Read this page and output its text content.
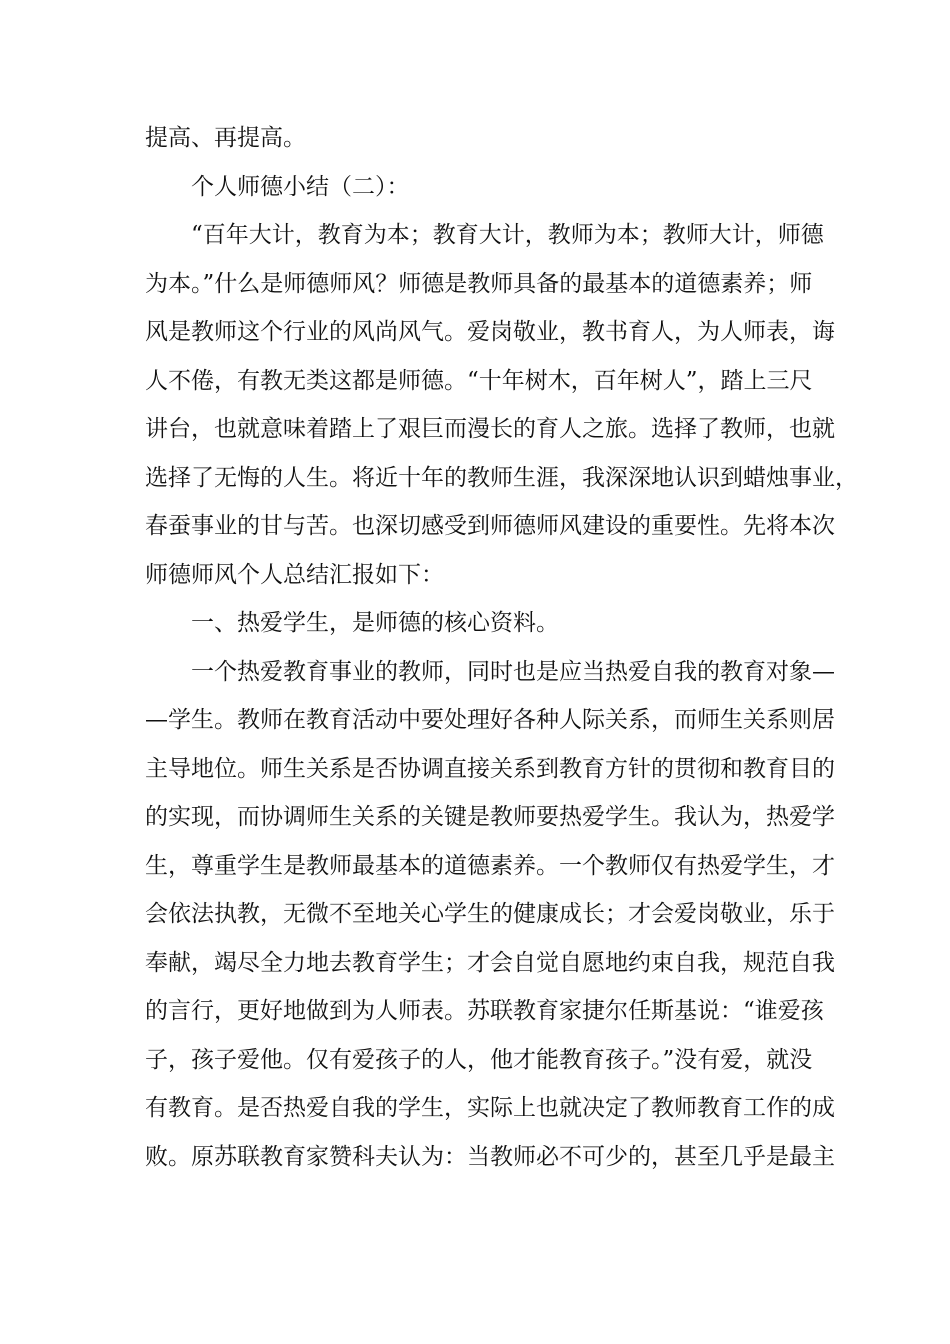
提高、再提高。
个人师德小结（二）：
“百年大计，教育为本；教育大计，教师为本；教师大计，师德
为本。”什么是师德师风？师德是教师具备的最基本的道德素养；师
风是教师这个行业的风尚风气。爱岗敬业，教书育人，为人师表，诲
人不倦，有教无类这都是师德。“十年树木，百年树人”，踏上三尺
讲台，也就意味着踏上了艰巨而漫长的育人之旅。选择了教师，也就
选择了无悔的人生。将近十年的教师生涯，我深深地认识到蜡烛事业，
春蚕事业的甘与苦。也深切感受到师德师风建设的重要性。先将本次
师德师风个人总结汇报如下：
一、热爱学生，是师德的核心资料。
一个热爱教育事业的教师，同时也是应当热爱自我的教育对象—
—学生。教师在教育活动中要处理好各种人际关系，而师生关系则居
主导地位。师生关系是否协调直接关系到教育方针的贯彻和教育目的
的实现，而协调师生关系的关键是教师要热爱学生。我认为，热爱学
生，尊重学生是教师最基本的道德素养。一个教师仅有热爱学生，才
会依法执教，无微不至地关心学生的健康成长；才会爱岗敬业，乐于
奉献，竭尽全力地去教育学生；才会自觉自愿地约束自我，规范自我
的言行，更好地做到为人师表。苏联教育家捷尔任斯基说：“谁爱孩
子，孩子爱他。仅有爱孩子的人，他才能教育孩子。”没有爱，就没
有教育。是否热爱自我的学生，实际上也就决定了教师教育工作的成
败。原苏联教育家赞科夫认为：当教师必不可少的，甚至几乎是最主
